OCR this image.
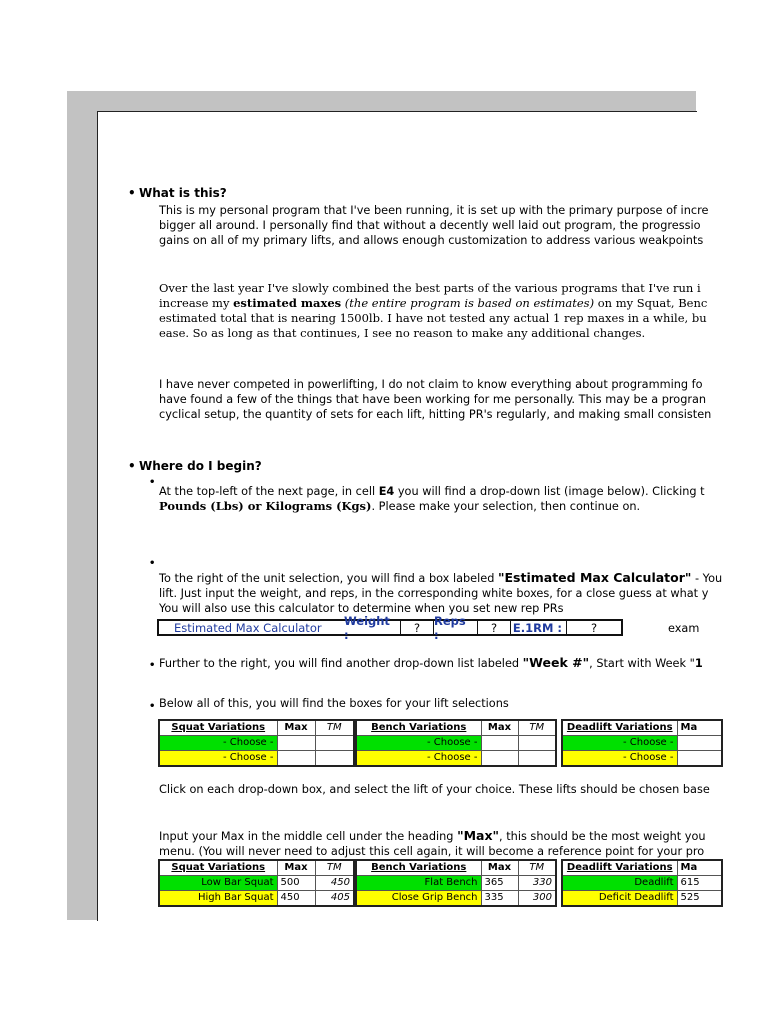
• What is this?
This is my personal program that I've been running, it is set up with the primary purpose of incre
bigger all around. I personally find that without a decently well laid out program, the progressio
gains on all of my primary lifts, and allows enough customization to address various weakpoints
Over the last year I've slowly combined the best parts of the various programs that I've run i
increase my estimated maxes (the entire program is based on estimates) on my Squat, Benc
estimated total that is nearing 1500lb. I have not tested any actual 1 rep maxes in a while, bu
ease. So as long as that continues, I see no reason to make any additional changes.
I have never competed in powerlifting, I do not claim to know everything about programming fo
have found a few of the things that have been working for me personally. This may be a progran
cyclical setup, the quantity of sets for each lift, hitting PR's regularly, and making small consisten
• Where do I begin?
•
At the top-left of the next page, in cell E4 you will find a drop-down list (image below). Clicking t
Pounds (Lbs) or Kilograms (Kgs). Please make your selection, then continue on.
•
To the right of the unit selection, you will find a box labeled "Estimated Max Calculator" - You
lift. Just input the weight, and reps, in the corresponding white boxes, for a close guess at what y
You will also use this calculator to determine when you set new rep PRs
Estimated Max Calculator	Weight :	?	Reps :	?	E.1RM :	?	exam
• Further to the right, you will find another drop-down list labeled "Week #", Start with Week "1
• Below all of this, you will find the boxes for your lift selections
Squat Variations	Max	TM
- Choose -		
- Choose -		
Bench Variations	Max	TM
- Choose -		
- Choose -		
Deadlift Variations	Ma
- Choose -	
- Choose -	
Click on each drop-down box, and select the lift of your choice. These lifts should be chosen base
Input your Max in the middle cell under the heading "Max", this should be the most weight you
menu. (You will never need to adjust this cell again, it will become a reference point for your pro
Squat Variations	Max	TM
Low Bar Squat	500	450
High Bar Squat	450	405
Bench Variations	Max	TM
Flat Bench	365	330
Close Grip Bench	335	300
Deadlift Variations	Ma
Deadlift	615
Deficit Deadlift	525
